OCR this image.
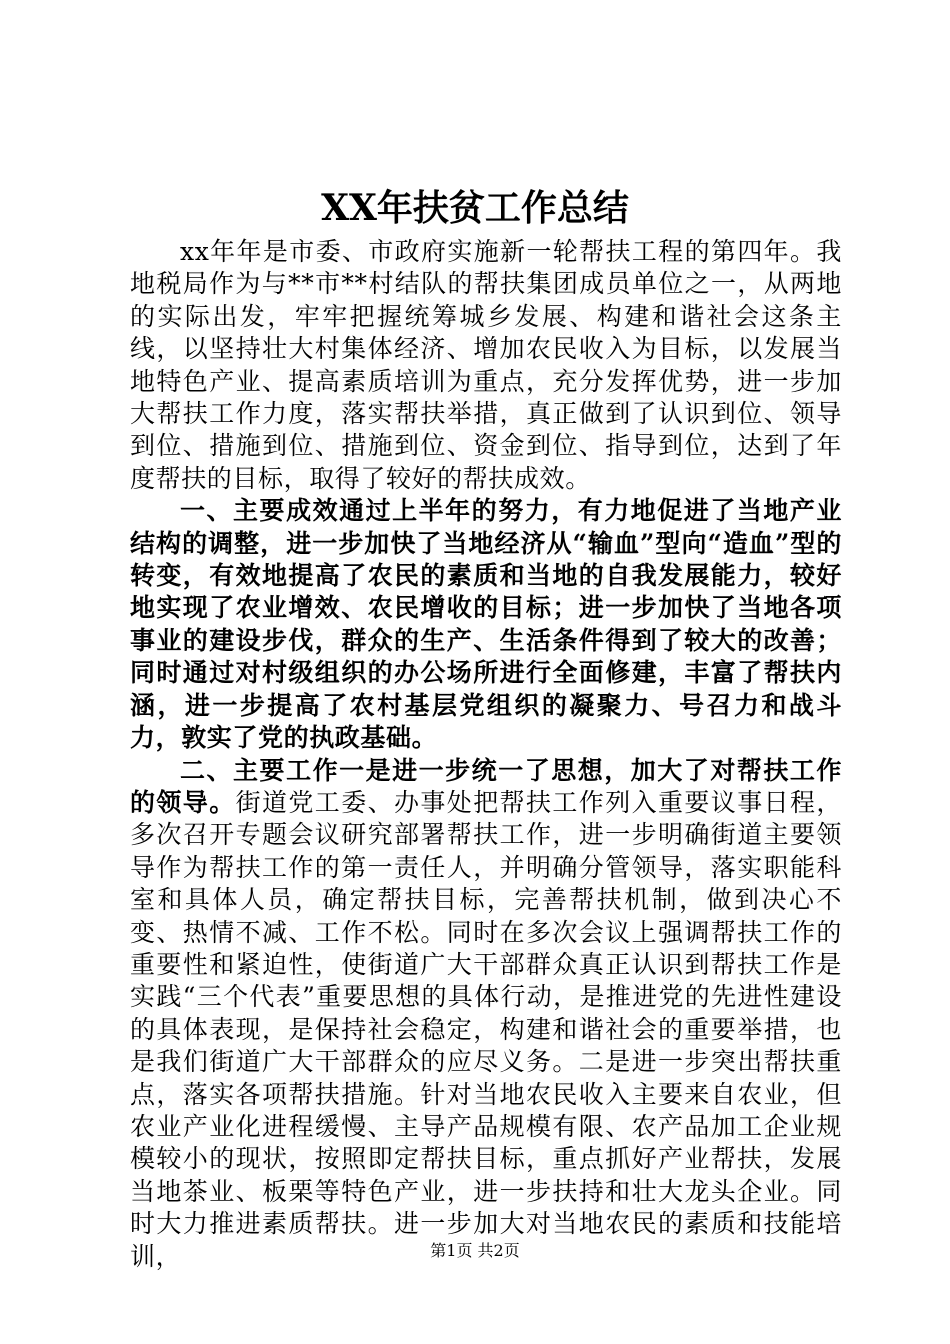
XX年扶贫工作总结

xx年年是市委、市政府实施新一轮帮扶工程的第四年。我地税局作为与**市**村结队的帮扶集团成员单位之一，从两地的实际出发，牢牢把握统筹城乡发展、构建和谐社会这条主线，以坚持壮大村集体经济、增加农民收入为目标，以发展当地特色产业、提高素质培训为重点，充分发挥优势，进一步加大帮扶工作力度，落实帮扶举措，真正做到了认识到位、领导到位、措施到位、措施到位、资金到位、指导到位，达到了年度帮扶的目标，取得了较好的帮扶成效。

一、主要成效通过上半年的努力，有力地促进了当地产业结构的调整，进一步加快了当地经济从“输血”型向“造血”型的转变，有效地提高了农民的素质和当地的自我发展能力，较好地实现了农业增效、农民增收的目标；进一步加快了当地各项事业的建设步伐，群众的生产、生活条件得到了较大的改善；同时通过对村级组织的办公场所进行全面修建，丰富了帮扶内涵，进一步提高了农村基层党组织的凝聚力、号召力和战斗力，敦实了党的执政基础。

二、主要工作一是进一步统一了思想，加大了对帮扶工作的领导。街道党工委、办事处把帮扶工作列入重要议事日程，多次召开专题会议研究部署帮扶工作，进一步明确街道主要领导作为帮扶工作的第一责任人，并明确分管领导，落实职能科室和具体人员，确定帮扶目标，完善帮扶机制，做到决心不变、热情不减、工作不松。同时在多次会议上强调帮扶工作的重要性和紧迫性，使街道广大干部群众真正认识到帮扶工作是实践“三个代表”重要思想的具体行动，是推进党的先进性建设的具体表现，是保持社会稳定，构建和谐社会的重要举措，也是我们街道广大干部群众的应尽义务。二是进一步突出帮扶重点，落实各项帮扶措施。针对当地农民收入主要来自农业，但农业产业化进程缓慢、主导产品规模有限、农产品加工企业规模较小的现状，按照即定帮扶目标，重点抓好产业帮扶，发展当地茶业、板栗等特色产业，进一步扶持和壮大龙头企业。同时大力推进素质帮扶。进一步加大对当地农民的素质和技能培训，	第1页 共2页
